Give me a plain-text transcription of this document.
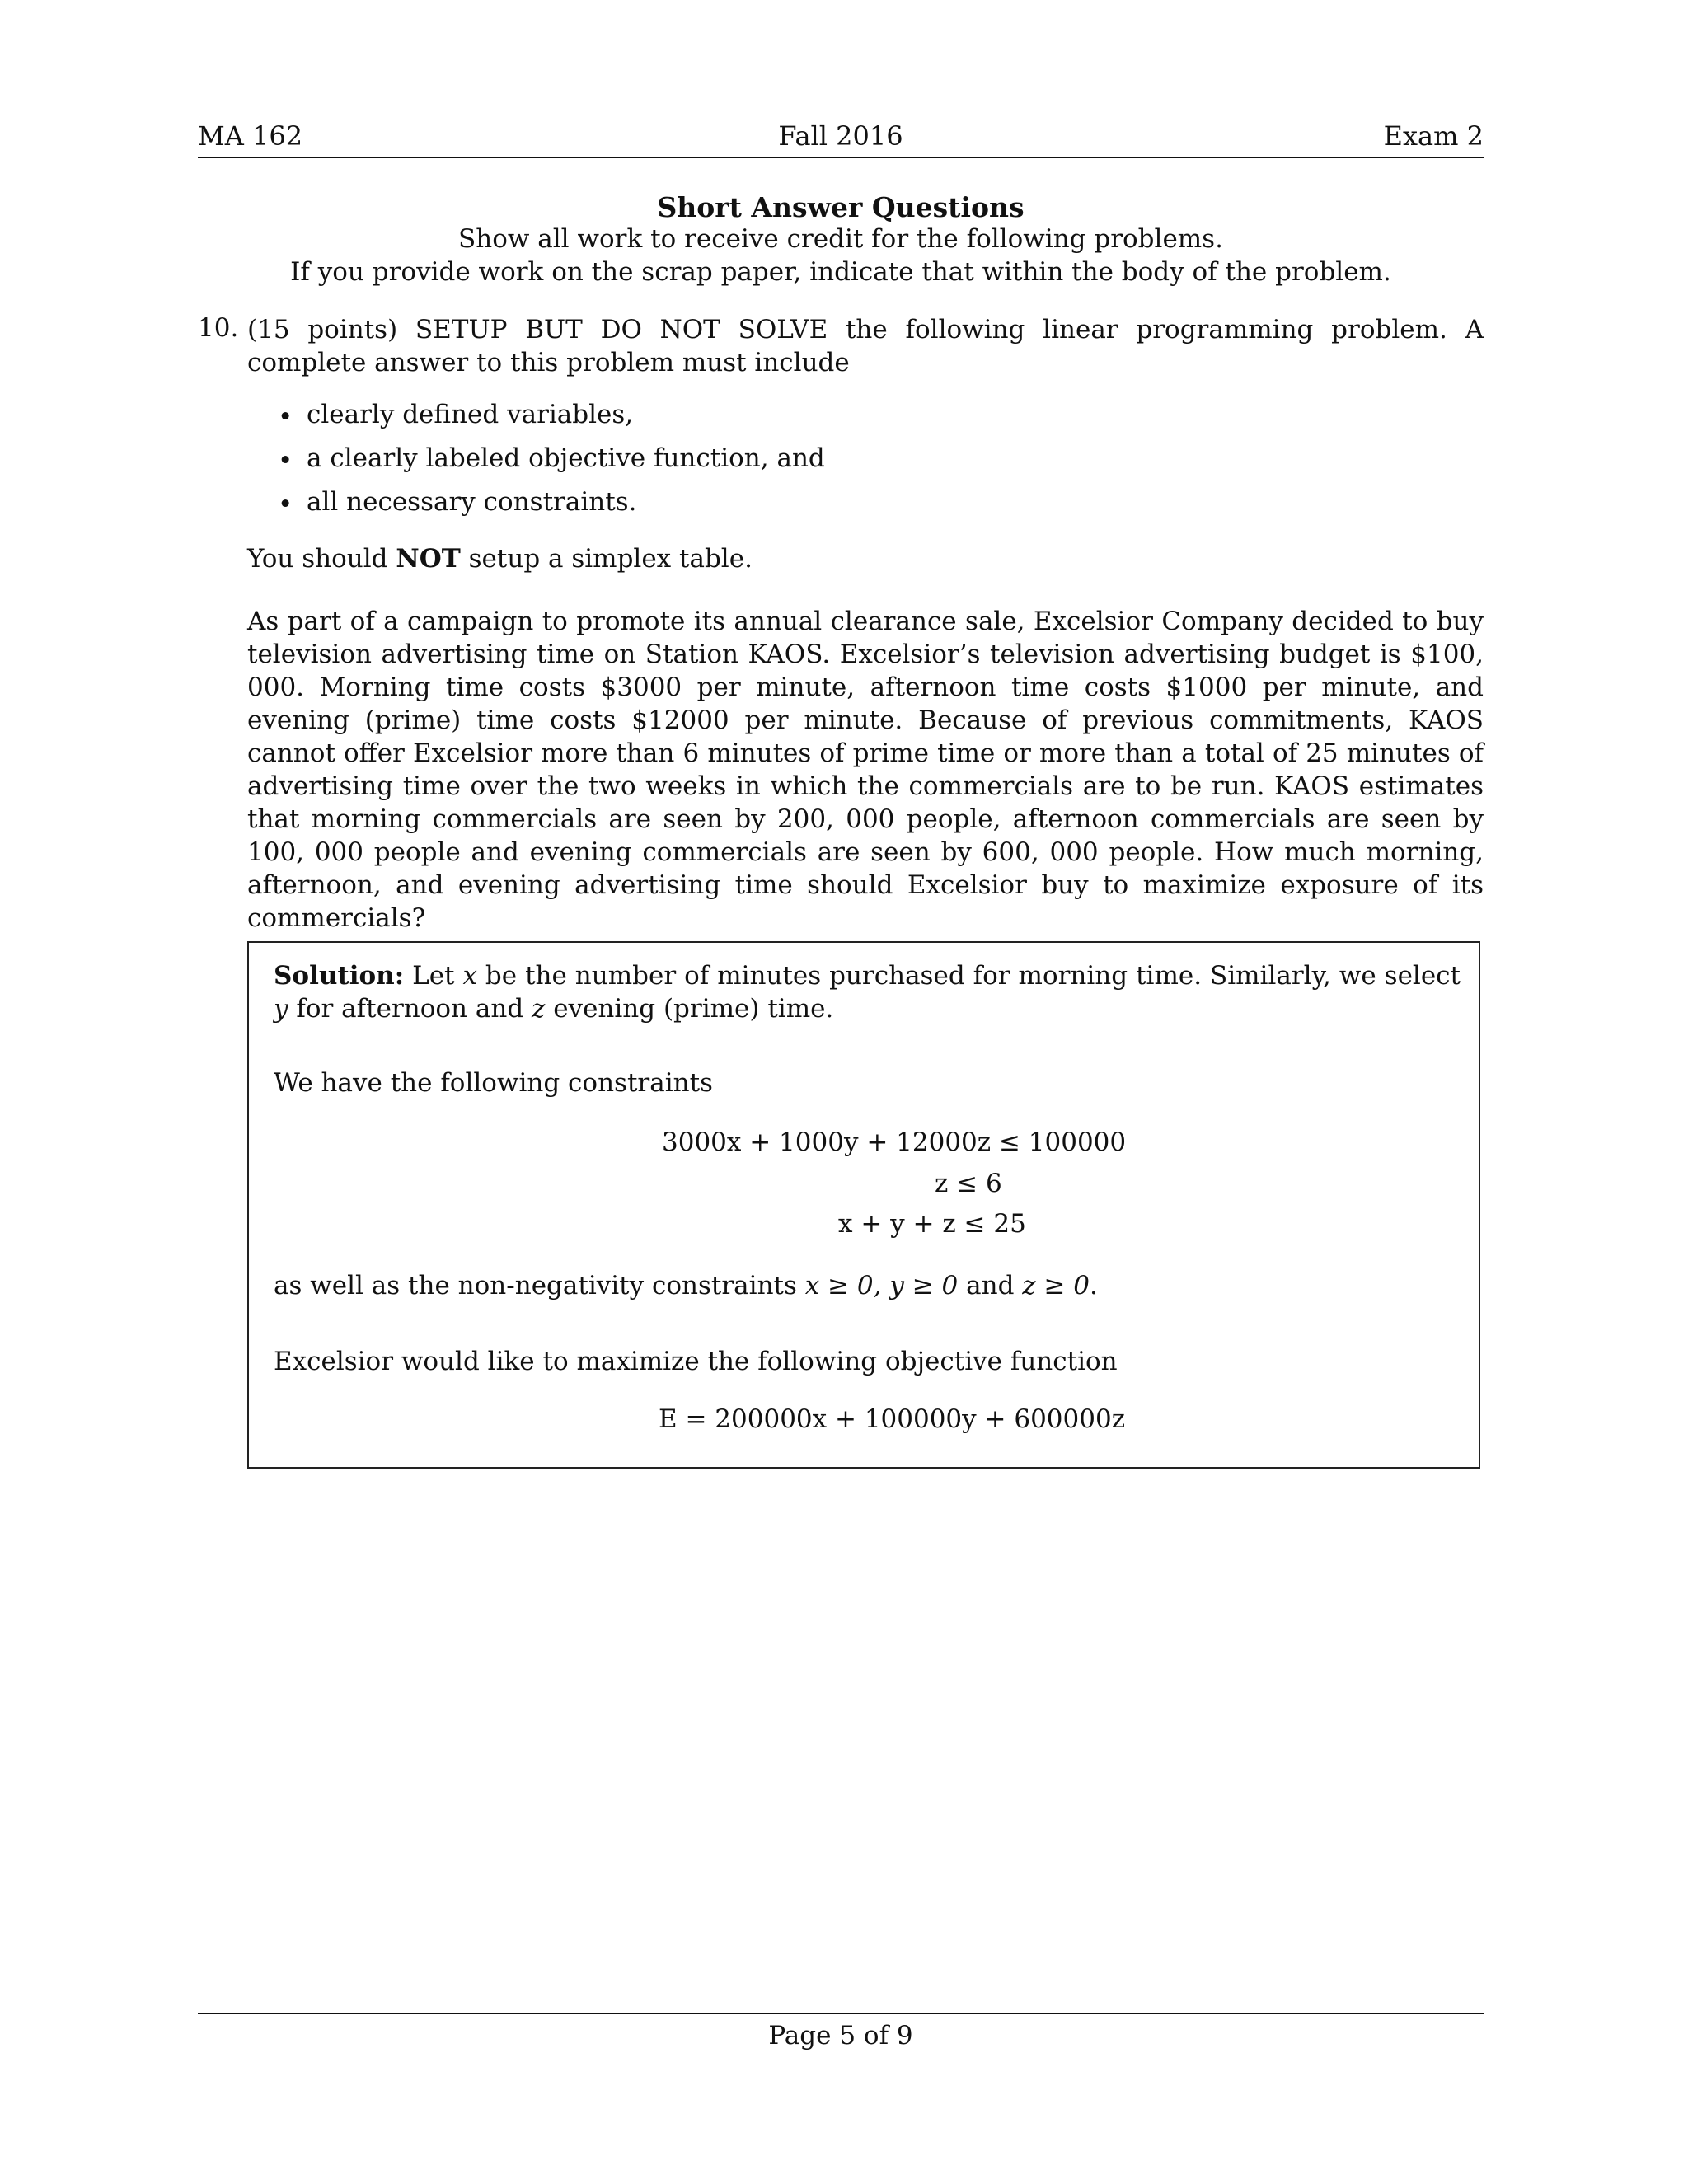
MA 162	Fall 2016	Exam 2
Short Answer Questions
Show all work to receive credit for the following problems.
If you provide work on the scrap paper, indicate that within the body of the problem.
10. (15 points) SETUP BUT DO NOT SOLVE the following linear programming problem. A complete answer to this problem must include
• clearly defined variables,
• a clearly labeled objective function, and
• all necessary constraints.
You should NOT setup a simplex table.
As part of a campaign to promote its annual clearance sale, Excelsior Company decided to buy television advertising time on Station KAOS. Excelsior’s television advertising budget is $100, 000. Morning time costs $3000 per minute, afternoon time costs $1000 per minute, and evening (prime) time costs $12000 per minute. Because of previous commitments, KAOS cannot offer Excelsior more than 6 minutes of prime time or more than a total of 25 minutes of advertising time over the two weeks in which the commercials are to be run. KAOS estimates that morning commercials are seen by 200, 000 people, afternoon commercials are seen by 100, 000 people and evening commercials are seen by 600, 000 people. How much morning, afternoon, and evening advertising time should Excelsior buy to maximize exposure of its commercials?
Solution: Let x be the number of minutes purchased for morning time. Similarly, we select y for afternoon and z evening (prime) time.
We have the following constraints
3000x + 1000y + 12000z ≤ 100000
z ≤ 6
x + y + z ≤ 25
as well as the non-negativity constraints x ≥ 0, y ≥ 0 and z ≥ 0.
Excelsior would like to maximize the following objective function
E = 200000x + 100000y + 600000z
Page 5 of 9
